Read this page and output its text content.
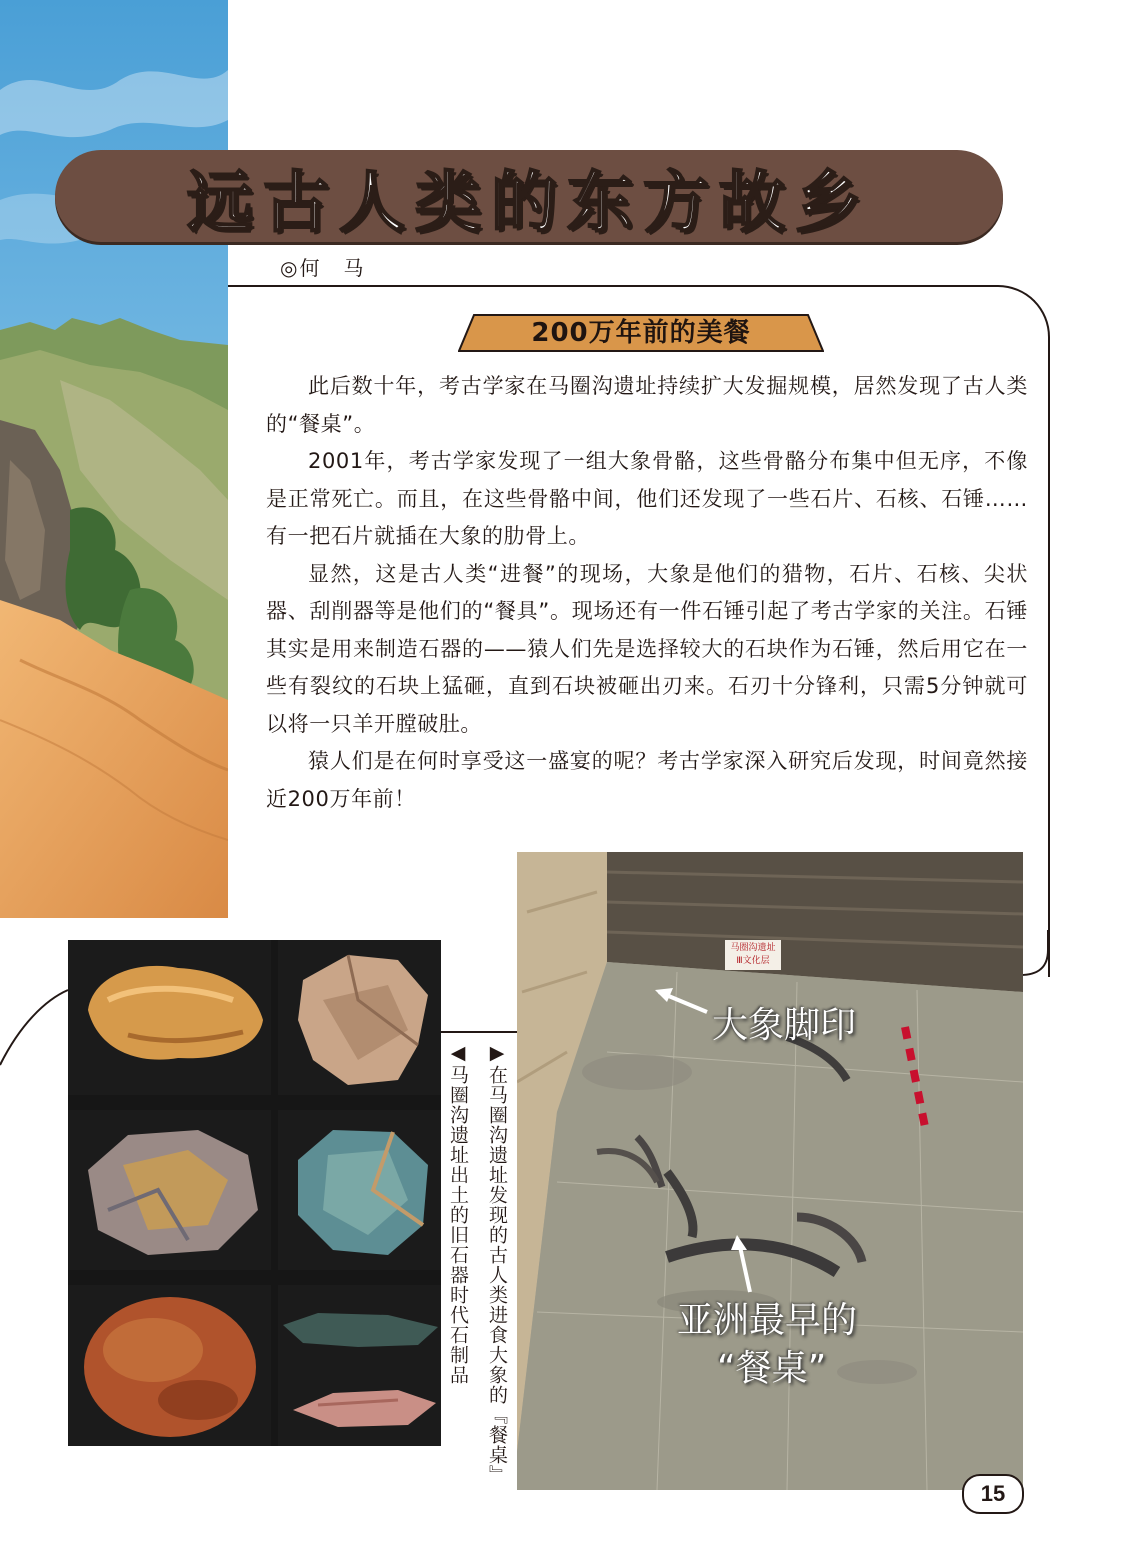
远古人类的东方故乡
◎何　马
200万年前的美餐

此后数十年，考古学家在马圈沟遗址持续扩大发掘规模，居然发现了古人类的“餐桌”。

2001年，考古学家发现了一组大象骨骼，这些骨骼分布集中但无序，不像是正常死亡。而且，在这些骨骼中间，他们还发现了一些石片、石核、石锤……有一把石片就插在大象的肋骨上。

显然，这是古人类“进餐”的现场，大象是他们的猎物，石片、石核、尖状器、刮削器等是他们的“餐具”。现场还有一件石锤引起了考古学家的关注。石锤其实是用来制造石器的——猿人们先是选择较大的石块作为石锤，然后用它在一些有裂纹的石块上猛砸，直到石块被砸出刃来。石刃十分锋利，只需5分钟就可以将一只羊开膛破肚。

猿人们是在何时享受这一盛宴的呢？考古学家深入研究后发现，时间竟然接近200万年前！

◀马圈沟遗址出土的旧石器时代石制品 ▶在马圈沟遗址发现的古人类进食大象的『餐桌』
马圈沟遗址
Ⅲ文化层
大象脚印
亚洲最早的
“餐桌”
15
